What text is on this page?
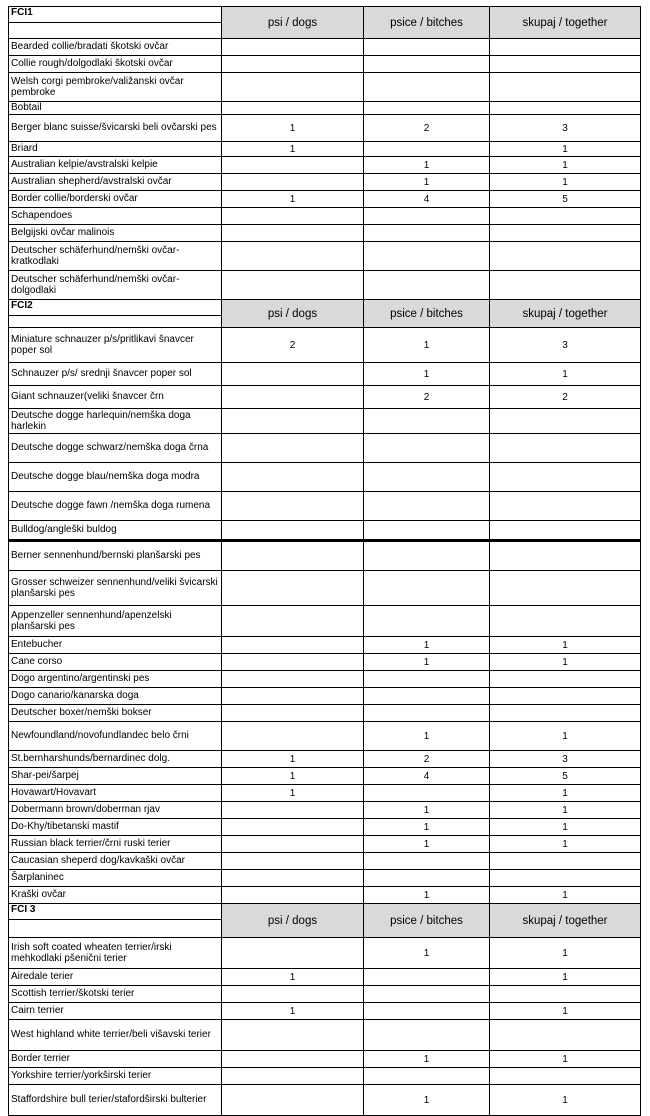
FCI1	psi / dogs	psice / bitches	skupaj / together

Bearded collie/bradati škotski ovčar			
Collie rough/dolgodlaki škotski ovčar			
Welsh corgi pembroke/valižanski ovčar pembroke			
Bobtail			
Berger blanc suisse/švicarski beli ovčarski pes	1	2	3
Briard	1		1
Australian kelpie/avstralski kelpie		1	1
Australian shepherd/avstralski ovčar		1	1
Border collie/borderski ovčar	1	4	5
Schapendoes			
Belgijski ovčar malinois			
Deutscher schäferhund/nemški ovčar-kratkodlaki			
Deutscher schäferhund/nemški ovčar-dolgodlaki			
FCI2	psi / dogs	psice / bitches	skupaj / together

Miniature schnauzer p/s/pritlikavi šnavcer poper sol	2	1	3
Schnauzer p/s/ srednji šnavcer poper sol		1	1
Giant schnauzer(veliki šnavcer črn		2	2
Deutsche dogge harlequin/nemška doga harlekin			
Deutsche dogge schwarz/nemška doga črna			
Deutsche dogge blau/nemška doga modra			
Deutsche dogge fawn /nemška doga rumena			
Bulldog/angleški buldog			
Berner sennenhund/bernski planšarski pes			
Grosser schweizer sennenhund/veliki švicarski planšarski pes			
Appenzeller sennenhund/apenzelski planšarski pes			
Entebucher		1	1
Cane corso		1	1
Dogo argentino/argentinski pes			
Dogo canario/kanarska doga			
Deutscher boxer/nemški bokser			
Newfoundland/novofundlandec belo črni		1	1
St.bernharshunds/bernardinec dolg.	1	2	3
Shar-pei/šarpej	1	4	5
Hovawart/Hovavart	1		1
Dobermann brown/doberman rjav		1	1
Do-Khy/tibetanski mastif		1	1
Russian black terrier/črni ruski terier		1	1
Caucasian sheperd dog/kavkaški ovčar			
Šarplaninec			
Kraški ovčar		1	1
FCI 3	psi / dogs	psice / bitches	skupaj / together

Irish soft coated wheaten terrier/irski mehkodlaki pšenični terier		1	1
Airedale terier	1		1
Scottish terrier/škotski terier			
Cairn terrier	1		1
West highland white terrier/beli višavski terier			
Border terrier		1	1
Yorkshire terrier/yorkširski terier			
Staffordshire bull terier/stafordširski bulterier		1	1
